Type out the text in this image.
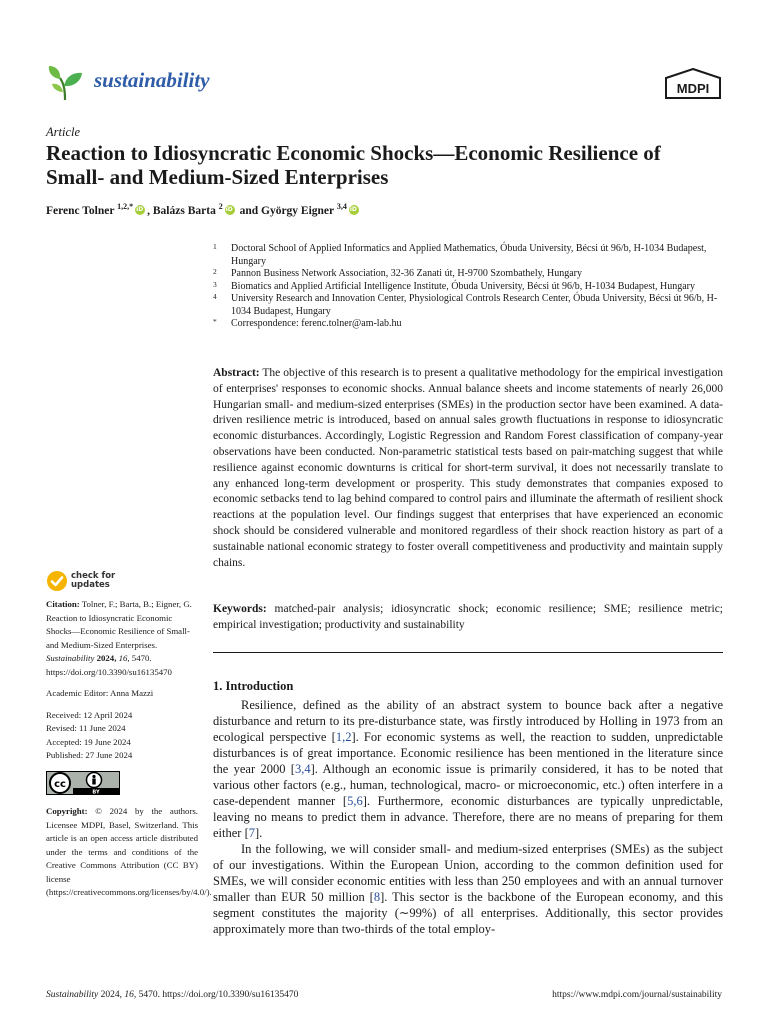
sustainability	MDPI
Article
Reaction to Idiosyncratic Economic Shocks—Economic Resilience of Small- and Medium-Sized Enterprises
Ferenc Tolner $^{1,2,*}$iD , Balázs Barta $^2$iD and György Eigner $^{3,4}$iD
1 Doctoral School of Applied Informatics and Applied Mathematics, Óbuda University, Bécsi út 96/b, H-1034 Budapest, Hungary
2 Pannon Business Network Association, 32-36 Zanati út, H-9700 Szombathely, Hungary
3 Biomatics and Applied Artificial Intelligence Institute, Óbuda University, Bécsi út 96/b, H-1034 Budapest, Hungary
4 University Research and Innovation Center, Physiological Controls Research Center, Óbuda University, Bécsi út 96/b, H-1034 Budapest, Hungary
* Correspondence: ferenc.tolner@am-lab.hu
Abstract: The objective of this research is to present a qualitative methodology for the empirical investigation of enterprises' responses to economic shocks. Annual balance sheets and income statements of nearly 26,000 Hungarian small- and medium-sized enterprises (SMEs) in the production sector have been examined. A data-driven resilience metric is introduced, based on annual sales growth fluctuations in response to idiosyncratic economic disturbances. Accordingly, Logistic Regression and Random Forest classification of company-year observations have been conducted. Non-parametric statistical tests based on pair-matching suggest that while resilience against economic downturns is critical for short-term survival, it does not necessarily translate to any enhanced long-term development or prosperity. This study demonstrates that companies exposed to economic setbacks tend to lag behind compared to control pairs and illuminate the aftermath of resilient shock reactions at the population level. Our findings suggest that enterprises that have experienced an economic shock should be considered vulnerable and monitored regardless of their shock reaction history as part of a sustainable national economic strategy to foster overall competitiveness and productivity and maintain supply chains.
Keywords: matched-pair analysis; idiosyncratic shock; economic resilience; SME; resilience metric; empirical investigation; productivity and sustainability
1. Introduction

Resilience, defined as the ability of an abstract system to bounce back after a negative disturbance and return to its pre-disturbance state, was firstly introduced by Holling in 1973 from an ecological perspective [1,2]. For economic systems as well, the reaction to sudden, unpredictable disturbances is of great importance. Economic resilience has been mentioned in the literature since the year 2000 [3,4]. Although an economic issue is primarily considered, it has to be noted that various other factors (e.g., human, technological, macro- or microeconomic, etc.) often interfere in a case-dependent manner [5,6]. Furthermore, economic disturbances are typically unpredictable, leaving no means to predict them in advance. Therefore, there are no means of preparing for them either [7].

In the following, we will consider small- and medium-sized enterprises (SMEs) as the subject of our investigations. Within the European Union, according to the common definition used for SMEs, we will consider economic entities with less than 250 employees and with an annual turnover smaller than EUR 50 million [8]. This sector is the backbone of the European economy, and this segment constitutes the majority (∼99%) of all enterprises. Additionally, this sector provides approximately more than two-thirds of the total employ-

check for
updates
Citation: Tolner, F.; Barta, B.; Eigner, G. Reaction to Idiosyncratic Economic Shocks—Economic Resilience of Small- and Medium-Sized Enterprises. Sustainability 2024, 16, 5470. https://doi.org/10.3390/su16135470
Academic Editor: Anna Mazzi
Received: 12 April 2024
Revised: 11 June 2024
Accepted: 19 June 2024
Published: 27 June 2024
cc
BY
Copyright: © 2024 by the authors. Licensee MDPI, Basel, Switzerland. This article is an open access article distributed under the terms and conditions of the Creative Commons Attribution (CC BY) license (https://creativecommons.org/licenses/by/4.0/).
Sustainability 2024, 16, 5470. https://doi.org/10.3390/su16135470	https://www.mdpi.com/journal/sustainability
